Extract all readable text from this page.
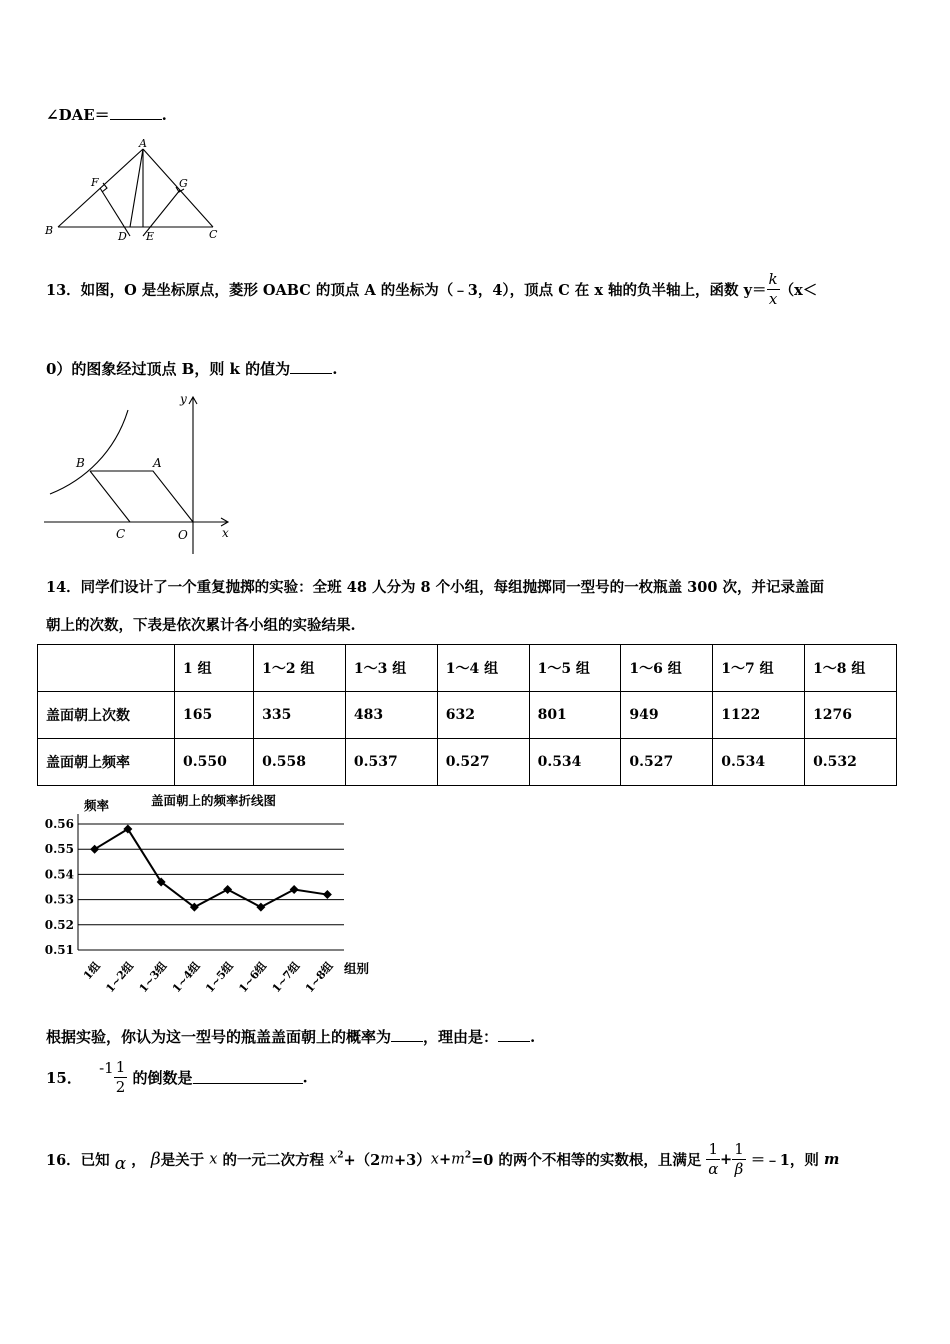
∠DAE＝	.
A
F	G
B	D E	C
13．如图，O 是坐标原点，菱形 OABC 的顶点 A 的坐标为（﹣3，4），顶点 C 在 x 轴的负半轴上，函数 $y= \frac{k}{x} (x<$
0）的图象经过顶点 B，则 k 的值为	.
y
B	A
C	O	x
14．同学们设计了一个重复抛掷的实验：全班 48 人分为 8 个小组，每组抛掷同一型号的一枚瓶盖 300 次，并记录盖面
朝上的次数，下表是依次累计各小组的实验结果.
	1 组	1～2 组	1～3 组	1～4 组	1～5 组	1～6 组	1～7 组	1～8 组
盖面朝上次数	165	335	483	632	801	949	1122	1276
盖面朝上频率	0.550	0.558	0.537	0.527	0.534	0.527	0.534	0.532
盖面朝上的频率折线图
频率
组别
0.51
0.52
0.53
0.54
0.55
0.56
1组 1~2组 1~3组 1~4组 1~5组 1~6组 1~7组 1~8组
根据实验，你认为这一型号的瓶盖盖面朝上的概率为 ，理由是： .
15． $-1 \frac{1}{2}$ 的倒数是	.
16．已知 α ， β是关于 x 的一元二次方程 $x^2+(2m+3)x+m^2=0$ 的两个不相等的实数根，且满足 $\frac{1}{\alpha} + \frac{1}{\beta}$ ＝﹣1，则 m
